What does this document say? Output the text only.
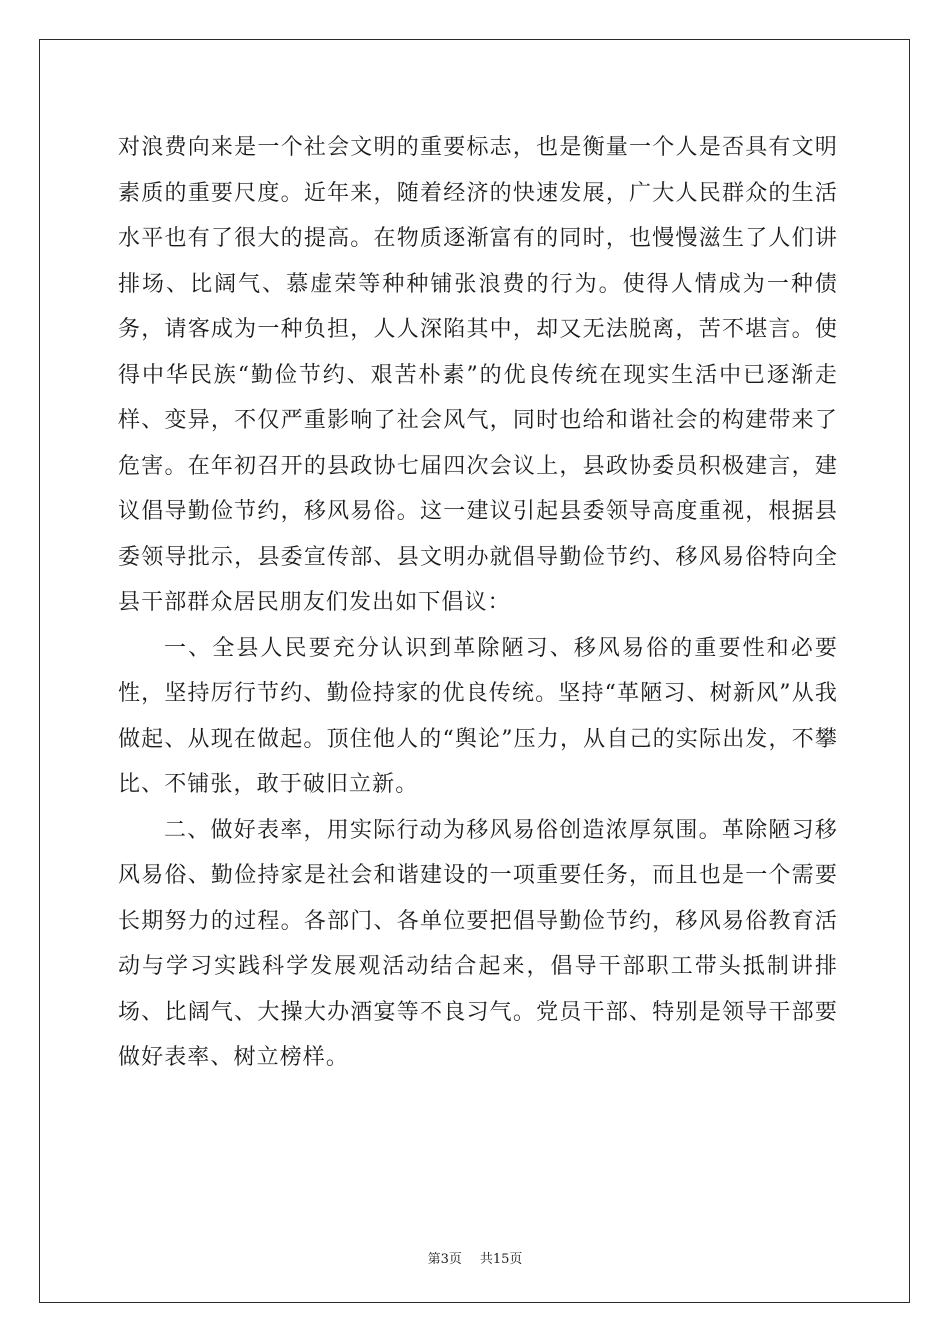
对浪费向来是一个社会文明的重要标志，也是衡量一个人是否具有文明素质的重要尺度。近年来，随着经济的快速发展，广大人民群众的生活水平也有了很大的提高。在物质逐渐富有的同时，也慢慢滋生了人们讲排场、比阔气、慕虚荣等种种铺张浪费的行为。使得人情成为一种债务，请客成为一种负担，人人深陷其中，却又无法脱离，苦不堪言。使得中华民族“勤俭节约、艰苦朴素”的优良传统在现实生活中已逐渐走样、变异，不仅严重影响了社会风气，同时也给和谐社会的构建带来了危害。在年初召开的县政协七届四次会议上，县政协委员积极建言，建议倡导勤俭节约，移风易俗。这一建议引起县委领导高度重视，根据县委领导批示，县委宣传部、县文明办就倡导勤俭节约、移风易俗特向全县干部群众居民朋友们发出如下倡议：

一、全县人民要充分认识到革除陋习、移风易俗的重要性和必要性，坚持厉行节约、勤俭持家的优良传统。坚持“革陋习、树新风”从我做起、从现在做起。顶住他人的“舆论”压力，从自己的实际出发，不攀比、不铺张，敢于破旧立新。

二、做好表率，用实际行动为移风易俗创造浓厚氛围。革除陋习移风易俗、勤俭持家是社会和谐建设的一项重要任务，而且也是一个需要长期努力的过程。各部门、各单位要把倡导勤俭节约，移风易俗教育活动与学习实践科学发展观活动结合起来，倡导干部职工带头抵制讲排场、比阔气、大操大办酒宴等不良习气。党员干部、特别是领导干部要做好表率、树立榜样。

第3页 共15页
